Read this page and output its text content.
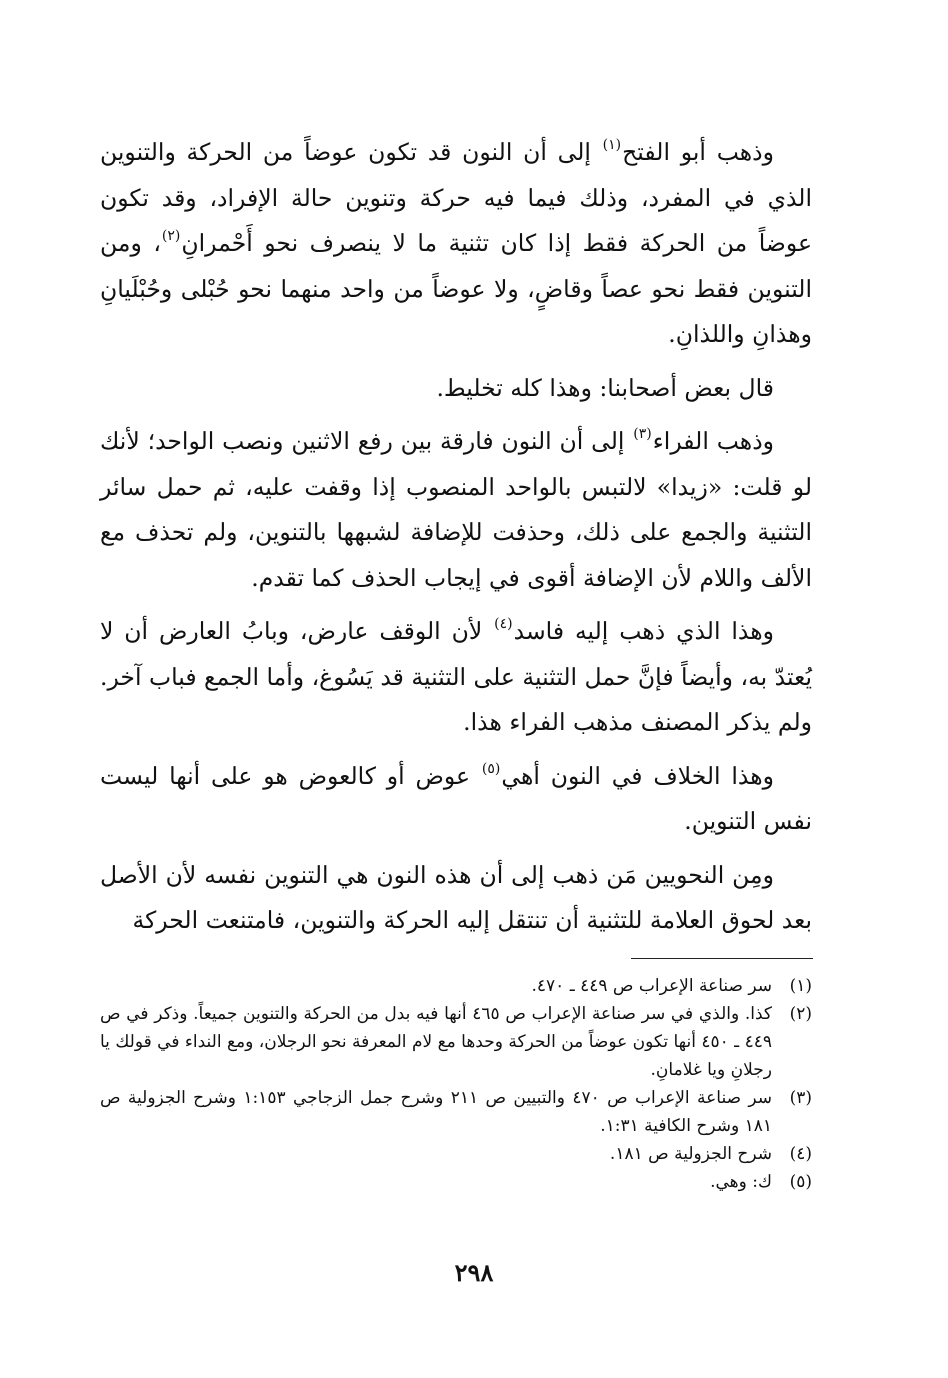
وذهب أبو الفتح$^{(١)}$ إلى أن النون قد تكون عوضاً من الحركة والتنوين الذي في المفرد، وذلك فيما فيه حركة وتنوين حالة الإفراد، وقد تكون عوضاً من الحركة فقط إذا كان تثنية ما لا ينصرف نحو أَحْمرانِ$^{(٢)}$، ومن التنوين فقط نحو عصاً وقاضٍ، ولا عوضاً من واحد منهما نحو حُبْلى وحُبْلَيانِ وهذانِ واللذانِ.

قال بعض أصحابنا: وهذا كله تخليط.

وذهب الفراء$^{(٣)}$ إلى أن النون فارقة بين رفع الاثنين ونصب الواحد؛ لأنك لو قلت: «زيدا» لالتبس بالواحد المنصوب إذا وقفت عليه، ثم حمل سائر التثنية والجمع على ذلك، وحذفت للإضافة لشبهها بالتنوين، ولم تحذف مع الألف واللام لأن الإضافة أقوى في إيجاب الحذف كما تقدم.

وهذا الذي ذهب إليه فاسد$^{(٤)}$ لأن الوقف عارض، وبابُ العارض أن لا يُعتدّ به، وأيضاً فإنَّ حمل التثنية على التثنية قد يَسُوغ، وأما الجمع فباب آخر. ولم يذكر المصنف مذهب الفراء هذا.

وهذا الخلاف في النون أهي$^{(٥)}$ عوض أو كالعوض هو على أنها ليست نفس التنوين.

ومِن النحويين مَن ذهب إلى أن هذه النون هي التنوين نفسه لأن الأصل بعد لحوق العلامة للتثنية أن تنتقل إليه الحركة والتنوين، فامتنعت الحركة

(١)
سر صناعة الإعراب ص ٤٤٩ ـ ٤٧٠.
(٢)
كذا. والذي في سر صناعة الإعراب ص ٤٦٥ أنها فيه بدل من الحركة والتنوين جميعاً. وذكر في ص ٤٤٩ ـ ٤٥٠ أنها تكون عوضاً من الحركة وحدها مع لام المعرفة نحو الرجلان، ومع النداء في قولك يا رجلانِ ويا غلامانِ.
(٣)
سر صناعة الإعراب ص ٤٧٠ والتبيين ص ٢١١ وشرح جمل الزجاجي ١:١٥٣ وشرح الجزولية ص ١٨١ وشرح الكافية ١:٣١.
(٤)
شرح الجزولية ص ١٨١.
(٥)
ك: وهي.
٢٩٨
